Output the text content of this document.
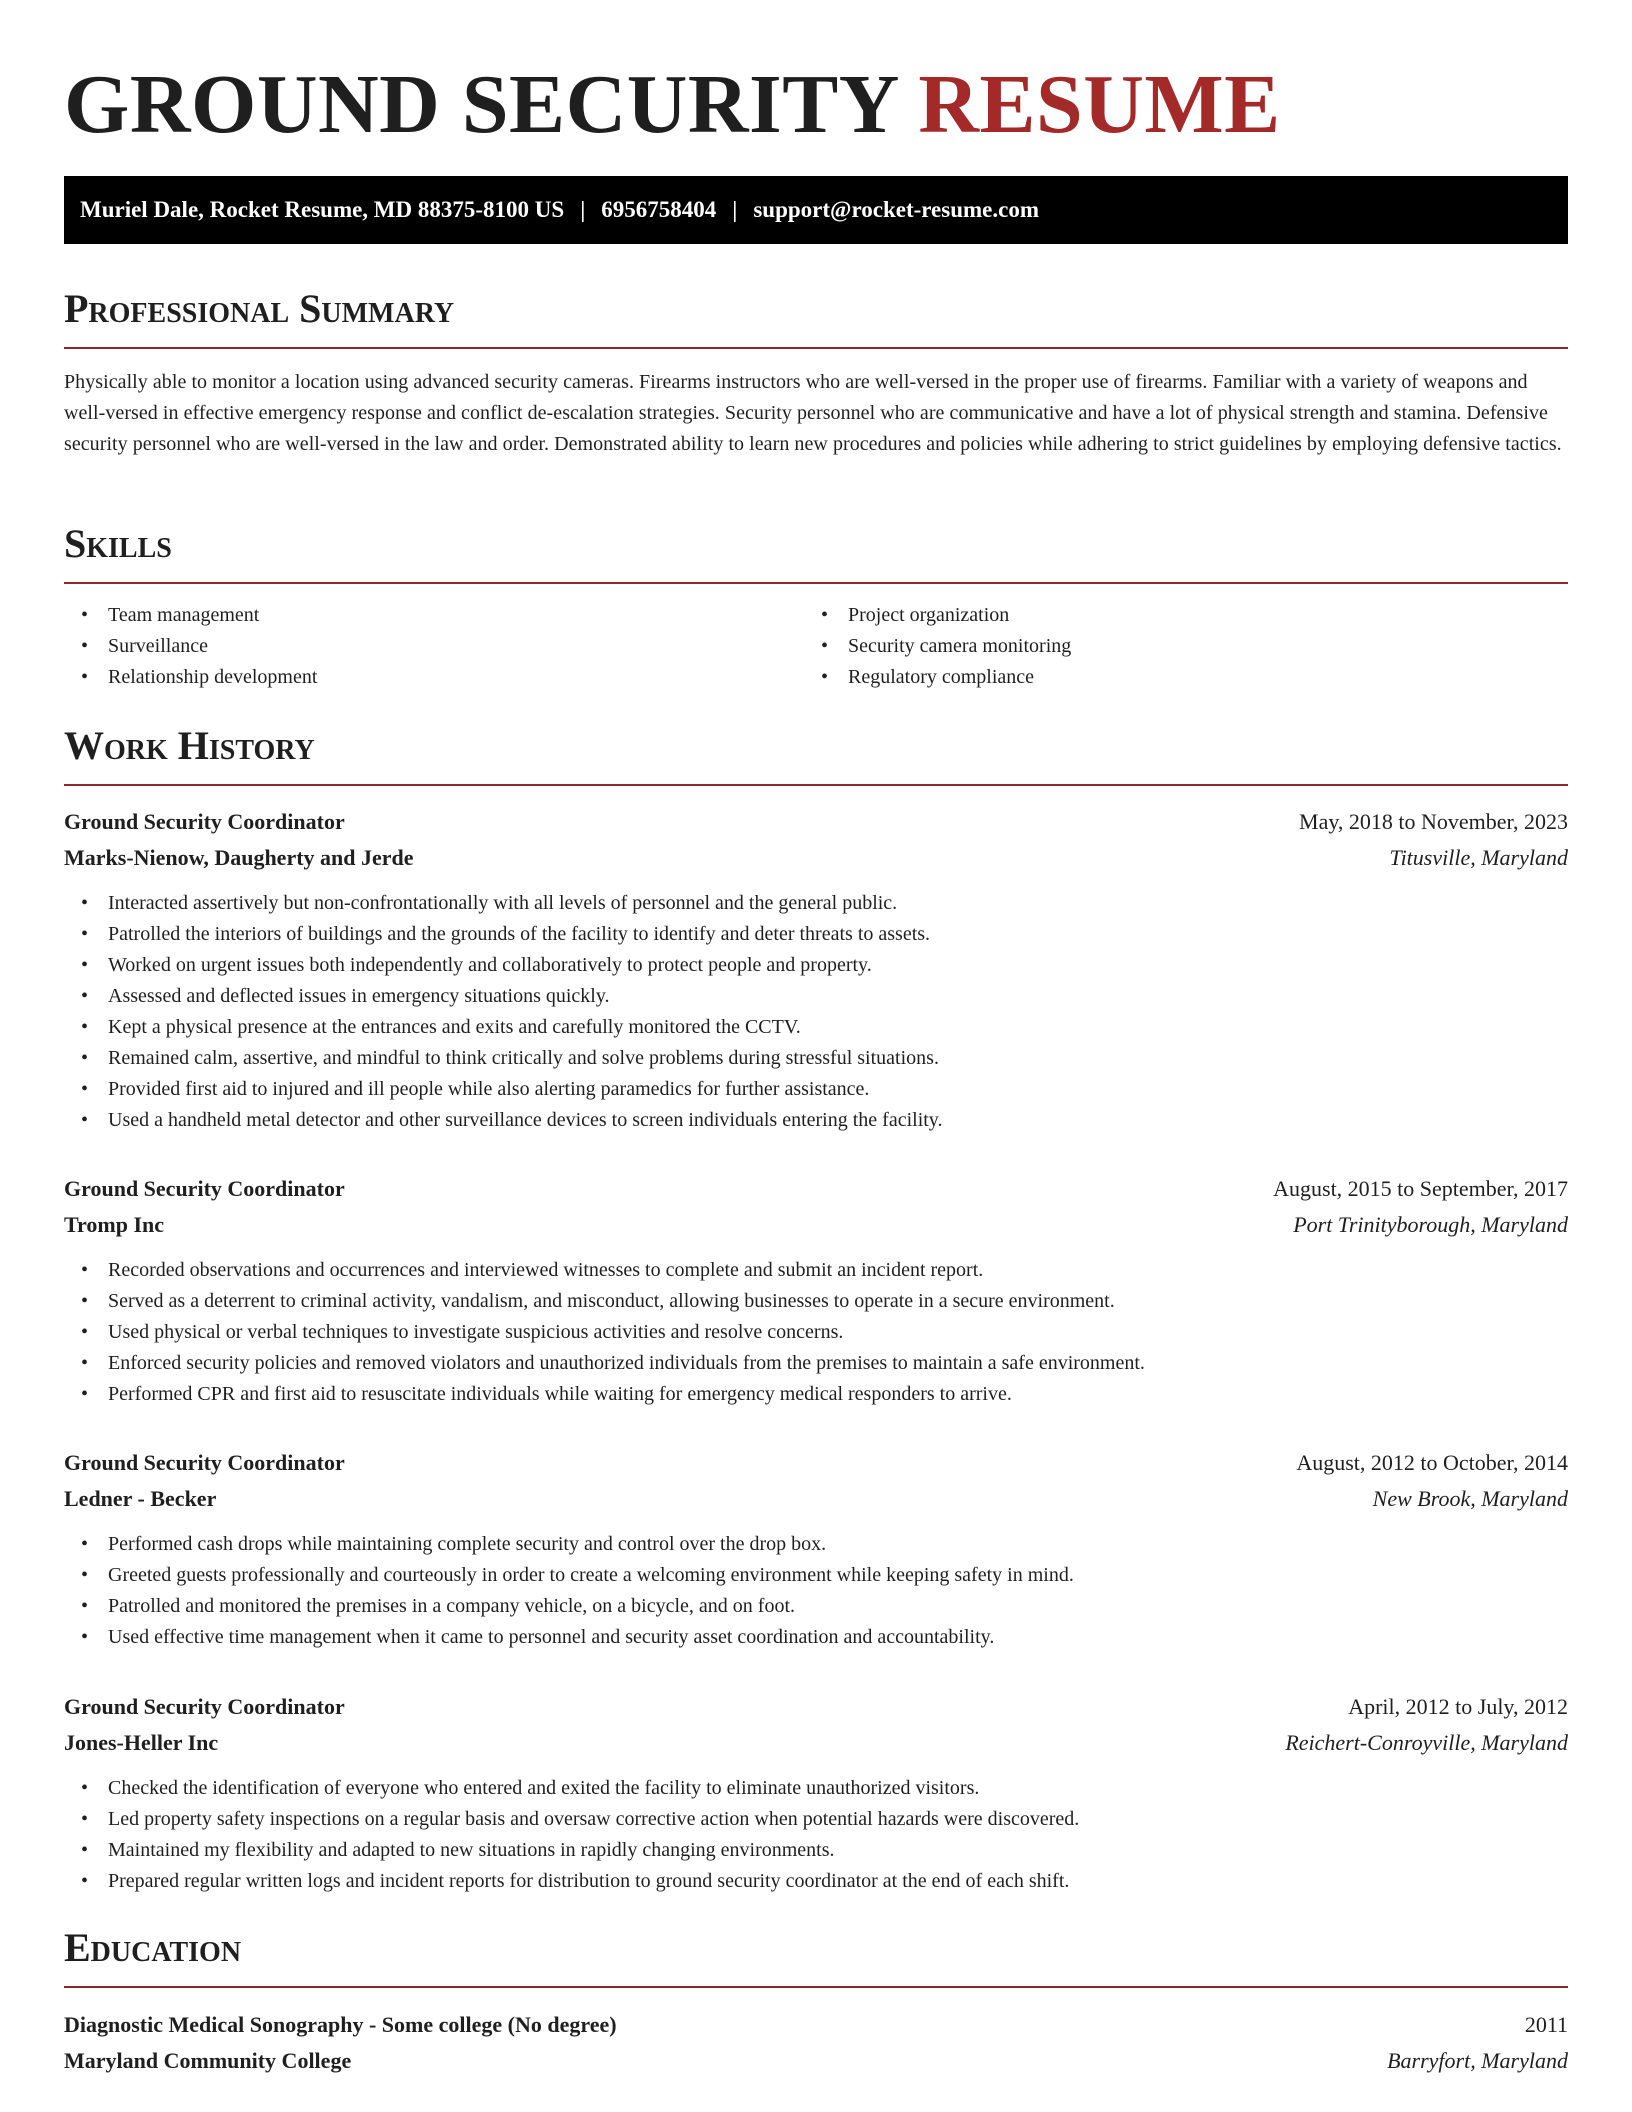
GROUND SECURITY RESUME
Muriel Dale, Rocket Resume, MD 88375-8100 US | 6956758404 | support@rocket-resume.com
Professional Summary

Physically able to monitor a location using advanced security cameras. Firearms instructors who are well-versed in the proper use of firearms. Familiar with a variety of weapons and well-versed in effective emergency response and conflict de-escalation strategies. Security personnel who are communicative and have a lot of physical strength and stamina. Defensive security personnel who are well-versed in the law and order. Demonstrated ability to learn new procedures and policies while adhering to strict guidelines by employing defensive tactics.

Skills
• Team management
• Surveillance
• Relationship development
• Project organization
• Security camera monitoring
• Regulatory compliance
Work History
Ground Security Coordinator	May, 2018 to November, 2023
Marks-Nienow, Daugherty and Jerde	Titusville, Maryland
• Interacted assertively but non-confrontationally with all levels of personnel and the general public.
• Patrolled the interiors of buildings and the grounds of the facility to identify and deter threats to assets.
• Worked on urgent issues both independently and collaboratively to protect people and property.
• Assessed and deflected issues in emergency situations quickly.
• Kept a physical presence at the entrances and exits and carefully monitored the CCTV.
• Remained calm, assertive, and mindful to think critically and solve problems during stressful situations.
• Provided first aid to injured and ill people while also alerting paramedics for further assistance.
• Used a handheld metal detector and other surveillance devices to screen individuals entering the facility.
Ground Security Coordinator	August, 2015 to September, 2017
Tromp Inc	Port Trinityborough, Maryland
• Recorded observations and occurrences and interviewed witnesses to complete and submit an incident report.
• Served as a deterrent to criminal activity, vandalism, and misconduct, allowing businesses to operate in a secure environment.
• Used physical or verbal techniques to investigate suspicious activities and resolve concerns.
• Enforced security policies and removed violators and unauthorized individuals from the premises to maintain a safe environment.
• Performed CPR and first aid to resuscitate individuals while waiting for emergency medical responders to arrive.
Ground Security Coordinator	August, 2012 to October, 2014
Ledner - Becker	New Brook, Maryland
• Performed cash drops while maintaining complete security and control over the drop box.
• Greeted guests professionally and courteously in order to create a welcoming environment while keeping safety in mind.
• Patrolled and monitored the premises in a company vehicle, on a bicycle, and on foot.
• Used effective time management when it came to personnel and security asset coordination and accountability.
Ground Security Coordinator	April, 2012 to July, 2012
Jones-Heller Inc	Reichert-Conroyville, Maryland
• Checked the identification of everyone who entered and exited the facility to eliminate unauthorized visitors.
• Led property safety inspections on a regular basis and oversaw corrective action when potential hazards were discovered.
• Maintained my flexibility and adapted to new situations in rapidly changing environments.
• Prepared regular written logs and incident reports for distribution to ground security coordinator at the end of each shift.
Education
Diagnostic Medical Sonography - Some college (No degree)	2011
Maryland Community College	Barryfort, Maryland
